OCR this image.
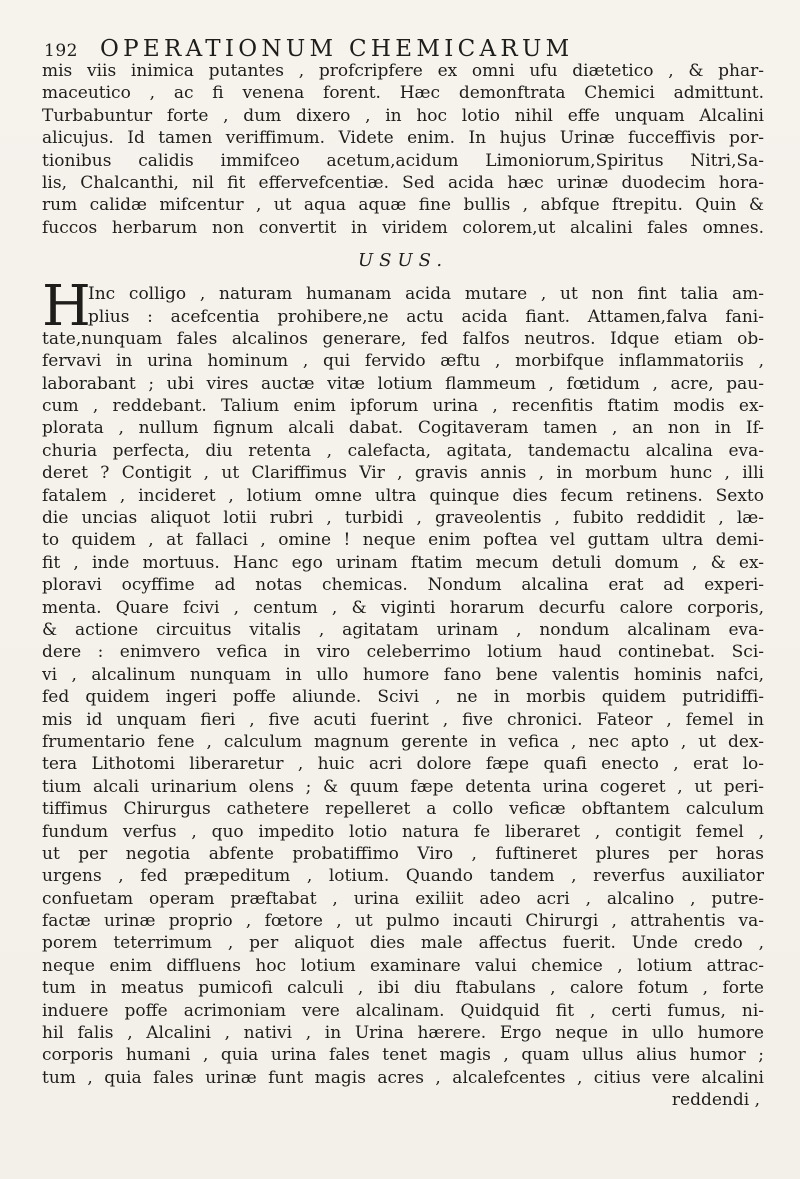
192 OPERATIONUM CHEMICARUM
mis viis inimica putantes , profcripfere ex omni ufu diætetico , & phar-
maceutico , ac fi venena forent. Hæc demonftrata Chemici admittunt.
Turbabuntur forte , dum dixero , in hoc lotio nihil effe unquam Alcalini
alicujus. Id tamen veriffimum. Videte enim. In hujus Urinæ fucceffivis por-
tionibus calidis immifceo acetum,acidum Limoniorum,Spiritus Nitri,Sa-
lis, Chalcanthi, nil fit effervefcentiæ. Sed acida hæc urinæ duodecim hora-
rum calidæ mifcentur , ut aqua aquæ fine bullis , abfque ftrepitu. Quin &
fuccos herbarum non convertit in viridem colorem,ut alcalini fales omnes.
USUS.
H
Inc colligo , naturam humanam acida mutare , ut non fint talia am-
plius : acefcentia prohibere,ne actu acida fiant. Attamen,falva fani-
tate,nunquam fales alcalinos generare, fed falfos neutros. Idque etiam ob-
fervavi in urina hominum , qui fervido æftu , morbifque inflammatoriis ,
laborabant ; ubi vires auctæ vitæ lotium flammeum , fœtidum , acre, pau-
cum , reddebant. Talium enim ipforum urina , recenfitis ftatim modis ex-
plorata , nullum fignum alcali dabat. Cogitaveram tamen , an non in If-
churia perfecta, diu retenta , calefacta, agitata, tandemactu alcalina eva-
deret ? Contigit , ut Clariffimus Vir , gravis annis , in morbum hunc , illi
fatalem , incideret , lotium omne ultra quinque dies fecum retinens. Sexto
die uncias aliquot lotii rubri , turbidi , graveolentis , fubito reddidit , læ-
to quidem , at fallaci , omine ! neque enim poftea vel guttam ultra demi-
fit , inde mortuus. Hanc ego urinam ftatim mecum detuli domum , & ex-
ploravi ocyffime ad notas chemicas. Nondum alcalina erat ad experi-
menta. Quare fcivi , centum , & viginti horarum decurfu calore corporis,
& actione circuitus vitalis , agitatam urinam , nondum alcalinam eva-
dere : enimvero vefica in viro celeberrimo lotium haud continebat. Sci-
vi , alcalinum nunquam in ullo humore fano bene valentis hominis nafci,
fed quidem ingeri poffe aliunde. Scivi , ne in morbis quidem putridiffi-
mis id unquam fieri , five acuti fuerint , five chronici. Fateor , femel in
frumentario fene , calculum magnum gerente in vefica , nec apto , ut dex-
tera Lithotomi liberaretur , huic acri dolore fæpe quafi enecto , erat lo-
tium alcali urinarium olens ; & quum fæpe detenta urina cogeret , ut peri-
tiffimus Chirurgus cathetere repelleret a collo veficæ obftantem calculum
fundum verfus , quo impedito lotio natura fe liberaret , contigit femel ,
ut per negotia abfente probatiffimo Viro , fuftineret plures per horas
urgens , fed præpeditum , lotium. Quando tandem , reverfus auxiliator
confuetam operam præftabat , urina exiliit adeo acri , alcalino , putre-
factæ urinæ proprio , fœtore , ut pulmo incauti Chirurgi , attrahentis va-
porem teterrimum , per aliquot dies male affectus fuerit. Unde credo ,
neque enim diffluens hoc lotium examinare valui chemice , lotium attrac-
tum in meatus pumicofi calculi , ibi diu ftabulans , calore fotum , forte
induere poffe acrimoniam vere alcalinam. Quidquid fit , certi fumus, ni-
hil falis , Alcalini , nativi , in Urina hærere. Ergo neque in ullo humore
corporis humani , quia urina fales tenet magis , quam ullus alius humor ;
tum , quia fales urinæ funt magis acres , alcalefcentes , citius vere alcalini
reddendi ,
